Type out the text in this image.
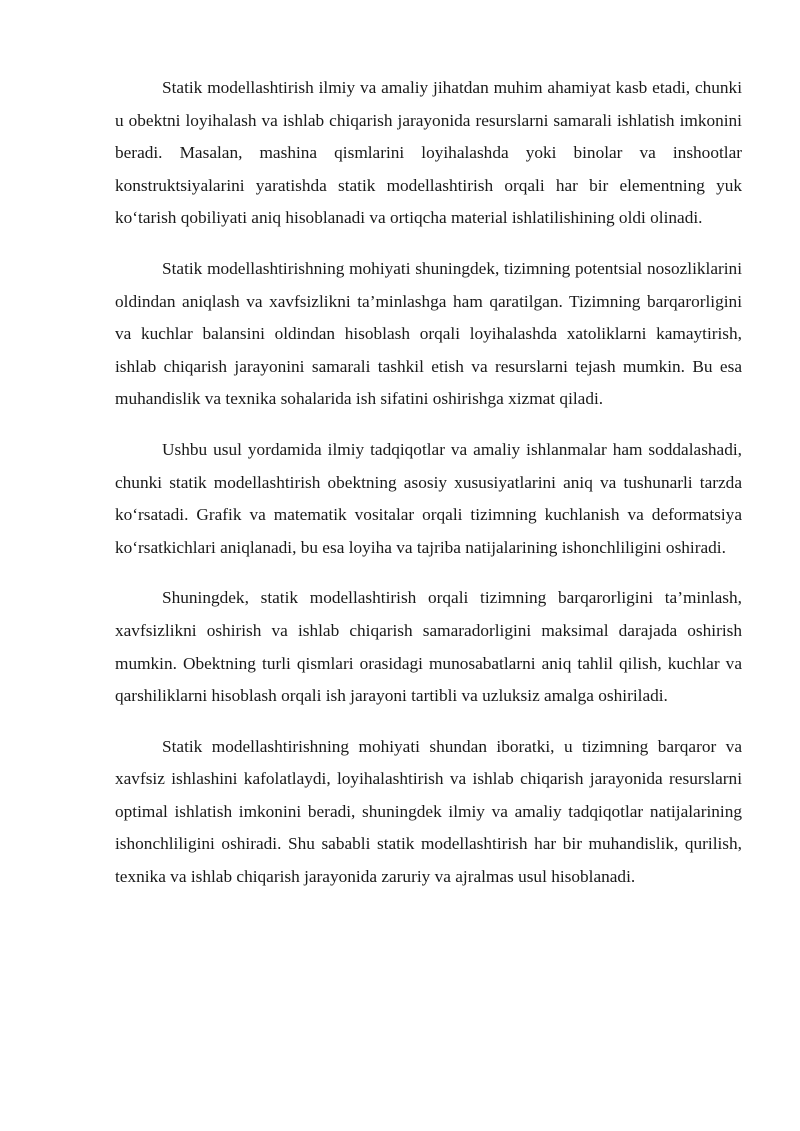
Statik modellashtirish ilmiy va amaliy jihatdan muhim ahamiyat kasb etadi, chunki u obektni loyihalash va ishlab chiqarish jarayonida resurslarni samarali ishlatish imkonini beradi. Masalan, mashina qismlarini loyihalashda yoki binolar va inshootlar konstruktsiyalarini yaratishda statik modellashtirish orqali har bir elementning yuk ko‘tarish qobiliyati aniq hisoblanadi va ortiqcha material ishlatilishining oldi olinadi.

Statik modellashtirishning mohiyati shuningdek, tizimning potentsial nosozliklarini oldindan aniqlash va xavfsizlikni ta’minlashga ham qaratilgan. Tizimning barqarorligini va kuchlar balansini oldindan hisoblash orqali loyihalashda xatoliklarni kamaytirish, ishlab chiqarish jarayonini samarali tashkil etish va resurslarni tejash mumkin. Bu esa muhandislik va texnika sohalarida ish sifatini oshirishga xizmat qiladi.

Ushbu usul yordamida ilmiy tadqiqotlar va amaliy ishlanmalar ham soddalashadi, chunki statik modellashtirish obektning asosiy xususiyatlarini aniq va tushunarli tarzda ko‘rsatadi. Grafik va matematik vositalar orqali tizimning kuchlanish va deformatsiya ko‘rsatkichlari aniqlanadi, bu esa loyiha va tajriba natijalarining ishonchliligini oshiradi.

Shuningdek, statik modellashtirish orqali tizimning barqarorligini ta’minlash, xavfsizlikni oshirish va ishlab chiqarish samaradorligini maksimal darajada oshirish mumkin. Obektning turli qismlari orasidagi munosabatlarni aniq tahlil qilish, kuchlar va qarshiliklarni hisoblash orqali ish jarayoni tartibli va uzluksiz amalga oshiriladi.

Statik modellashtirishning mohiyati shundan iboratki, u tizimning barqaror va xavfsiz ishlashini kafolatlaydi, loyihalashtirish va ishlab chiqarish jarayonida resurslarni optimal ishlatish imkonini beradi, shuningdek ilmiy va amaliy tadqiqotlar natijalarining ishonchliligini oshiradi. Shu sababli statik modellashtirish har bir muhandislik, qurilish, texnika va ishlab chiqarish jarayonida zaruriy va ajralmas usul hisoblanadi.
